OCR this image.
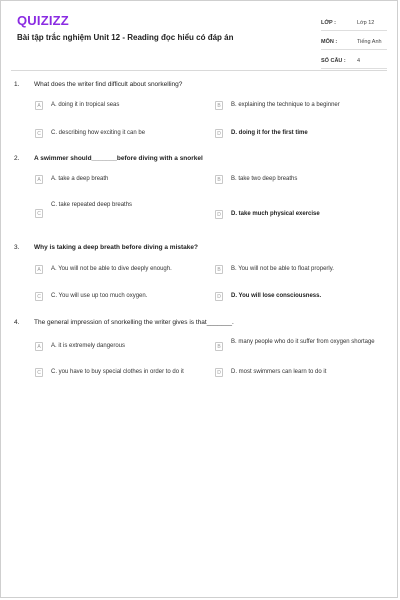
QUIZIZZ
Bài tập trắc nghiệm Unit 12 - Reading đọc hiểu có đáp án
LỚP :	Lớp 12
MÔN :	Tiếng Anh
SỐ CÂU :	4
1. What does the writer find difficult about snorkelling?
A	A. doing it in tropical seas	B	B. explaining the technique to a beginner
C	C. describing how exciting it can be	D	D. doing it for the first time
2. A swimmer should_______before diving with a snorkel
A	A. take a deep breath	B	B. take two deep breaths
C
C. take repeated deep breaths
D	D. take much physical exercise
3. Why is taking a deep breath before diving a mistake?
A	A. You will not be able to dive deeply enough.	B	B. You will not be able to float properly.
C	C. You will use up too much oxygen.	D	D. You will lose consciousness.
4. The general impression of snorkelling the writer gives is that_______.
A	A. it is extremely dangerous	B
B. many people who do it suffer from oxygen shortage
C	C. you have to buy special clothes in order to do it	D	D. most swimmers can learn to do it
